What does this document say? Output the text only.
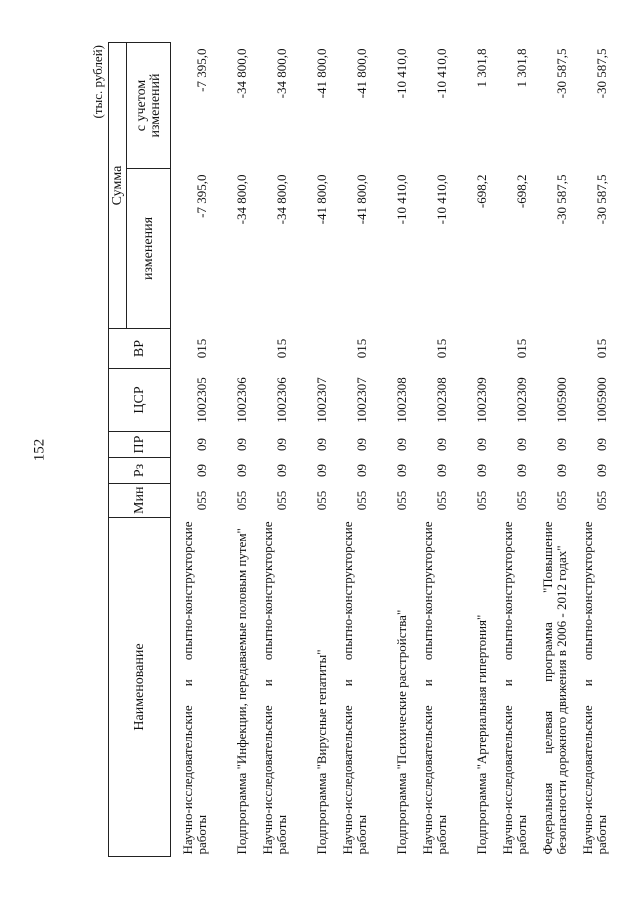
152
(тыс. рублей)
Наименование	Мин	Рз	ПР	ЦСР	ВР	Сумма	
						изменения	с учетом изменений
Научно-исследовательские и опытно-конструкторские работы	055	09	09	1002305	015	-7 395,0	-7 395,0
Подпрограмма "Инфекции, передаваемые половым путем"	055	09	09	1002306		-34 800,0	-34 800,0
Научно-исследовательские и опытно-конструкторские работы	055	09	09	1002306	015	-34 800,0	-34 800,0
Подпрограмма "Вирусные гепатиты"	055	09	09	1002307		-41 800,0	-41 800,0
Научно-исследовательские и опытно-конструкторские работы	055	09	09	1002307	015	-41 800,0	-41 800,0
Подпрограмма "Психические расстройства"	055	09	09	1002308		-10 410,0	-10 410,0
Научно-исследовательские и опытно-конструкторские работы	055	09	09	1002308	015	-10 410,0	-10 410,0
Подпрограмма "Артериальная гипертония"	055	09	09	1002309		-698,2	1 301,8
Научно-исследовательские и опытно-конструкторские работы	055	09	09	1002309	015	-698,2	1 301,8
Федеральная целевая программа "Повышение безопасности дорожного движения в 2006 - 2012 годах"	055	09	09	1005900		-30 587,5	-30 587,5
Научно-исследовательские и опытно-конструкторские работы	055	09	09	1005900	015	-30 587,5	-30 587,5
